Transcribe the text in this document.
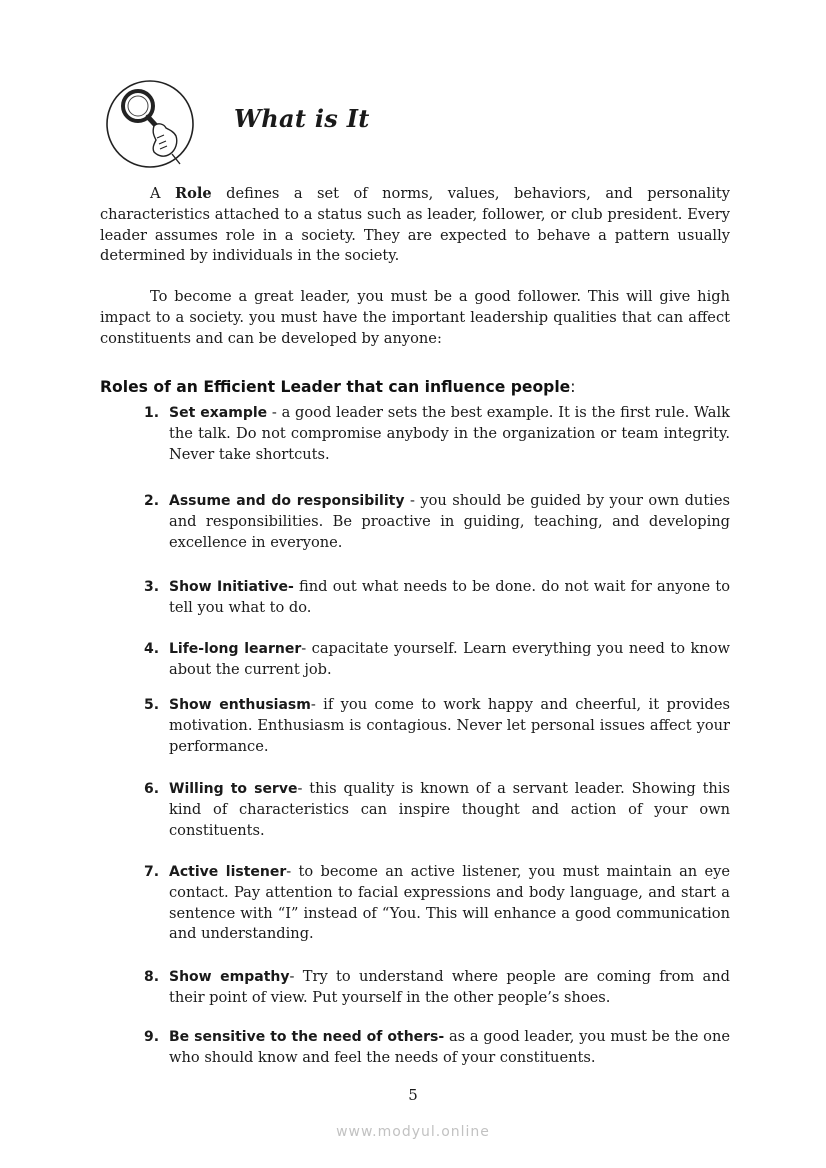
What is It

A Role defines a set of norms, values, behaviors, and personality characteristics attached to a status such as leader, follower, or club president. Every leader assumes role in a society. They are expected to behave a pattern usually determined by individuals in the society.

To become a great leader, you must be a good follower. This will give high impact to a society. you must have the important leadership qualities that can affect constituents and can be developed by anyone:

Roles of an Efficient Leader that can influence people:
1. Set example - a good leader sets the best example. It is the first rule. Walk the talk. Do not compromise anybody in the organization or team integrity. Never take shortcuts.
2. Assume and do responsibility - you should be guided by your own duties and responsibilities. Be proactive in guiding, teaching, and developing excellence in everyone.
3. Show Initiative- find out what needs to be done. do not wait for anyone to tell you what to do.
4. Life-long learner- capacitate yourself. Learn everything you need to know about the current job.
5. Show enthusiasm- if you come to work happy and cheerful, it provides motivation. Enthusiasm is contagious. Never let personal issues affect your performance.
6. Willing to serve- this quality is known of a servant leader. Showing this kind of characteristics can inspire thought and action of your own constituents.
7. Active listener- to become an active listener, you must maintain an eye contact. Pay attention to facial expressions and body language, and start a sentence with “I” instead of “You. This will enhance a good communication and understanding.
8. Show empathy- Try to understand where people are coming from and their point of view. Put yourself in the other people’s shoes.
9. Be sensitive to the need of others- as a good leader, you must be the one who should know and feel the needs of your constituents.
5
www.modyul.online
